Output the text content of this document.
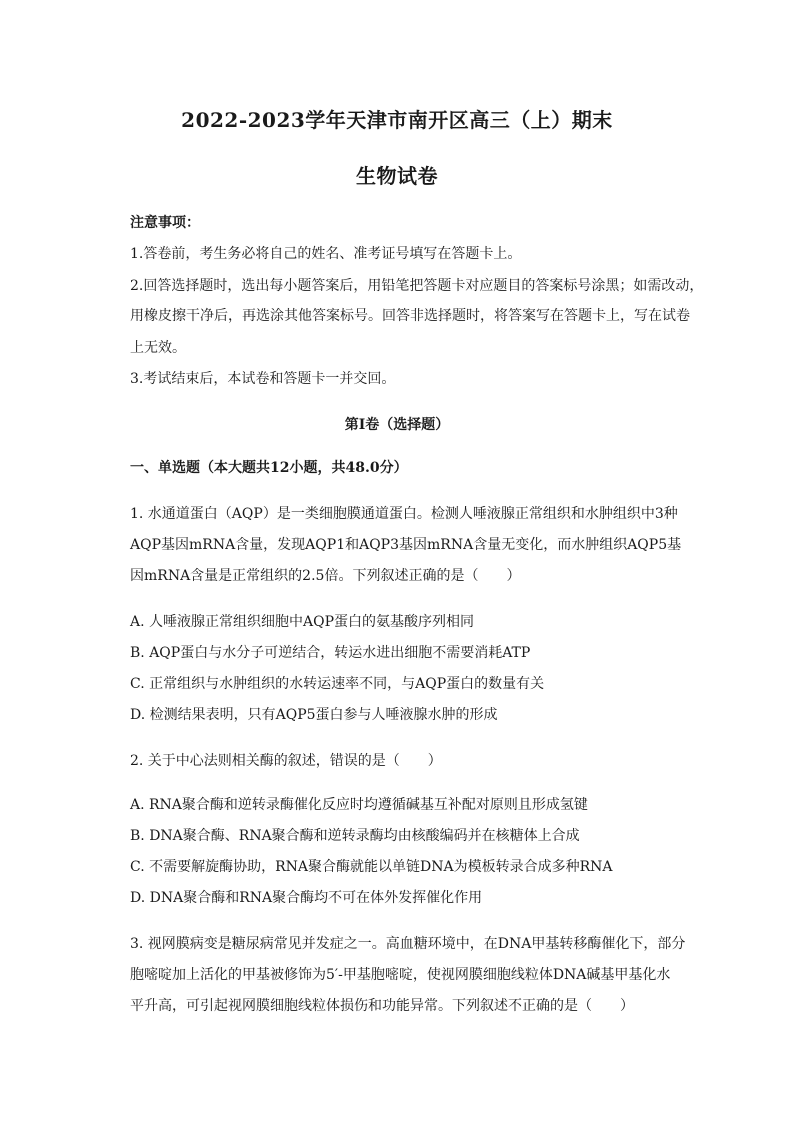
2022-2023学年天津市南开区高三（上）期末
生物试卷
注意事项：
1.答卷前，考生务必将自己的姓名、准考证号填写在答题卡上。
2.回答选择题时，选出每小题答案后，用铅笔把答题卡对应题目的答案标号涂黑；如需改动，
用橡皮擦干净后，再选涂其他答案标号。回答非选择题时，将答案写在答题卡上，写在试卷
上无效。
3.考试结束后，本试卷和答题卡一并交回。
第Ⅰ卷（选择题）
一、单选题（本大题共12小题，共48.0分）
1. 水通道蛋白（AQP）是一类细胞膜通道蛋白。检测人唾液腺正常组织和水肿组织中3种
AQP基因mRNA含量，发现AQP1和AQP3基因mRNA含量无变化，而水肿组织AQP5基
因mRNA含量是正常组织的2.5倍。下列叙述正确的是（　　）
A. 人唾液腺正常组织细胞中AQP蛋白的氨基酸序列相同
B. AQP蛋白与水分子可逆结合，转运水进出细胞不需要消耗ATP
C. 正常组织与水肿组织的水转运速率不同，与AQP蛋白的数量有关
D. 检测结果表明，只有AQP5蛋白参与人唾液腺水肿的形成
2. 关于中心法则相关酶的叙述，错误的是（　　）
A. RNA聚合酶和逆转录酶催化反应时均遵循碱基互补配对原则且形成氢键
B. DNA聚合酶、RNA聚合酶和逆转录酶均由核酸编码并在核糖体上合成
C. 不需要解旋酶协助，RNA聚合酶就能以单链DNA为模板转录合成多种RNA
D. DNA聚合酶和RNA聚合酶均不可在体外发挥催化作用
3. 视网膜病变是糖尿病常见并发症之一。高血糖环境中，在DNA甲基转移酶催化下，部分
胞嘧啶加上活化的甲基被修饰为5′-甲基胞嘧啶，使视网膜细胞线粒体DNA碱基甲基化水
平升高，可引起视网膜细胞线粒体损伤和功能异常。下列叙述不正确的是（　　）
